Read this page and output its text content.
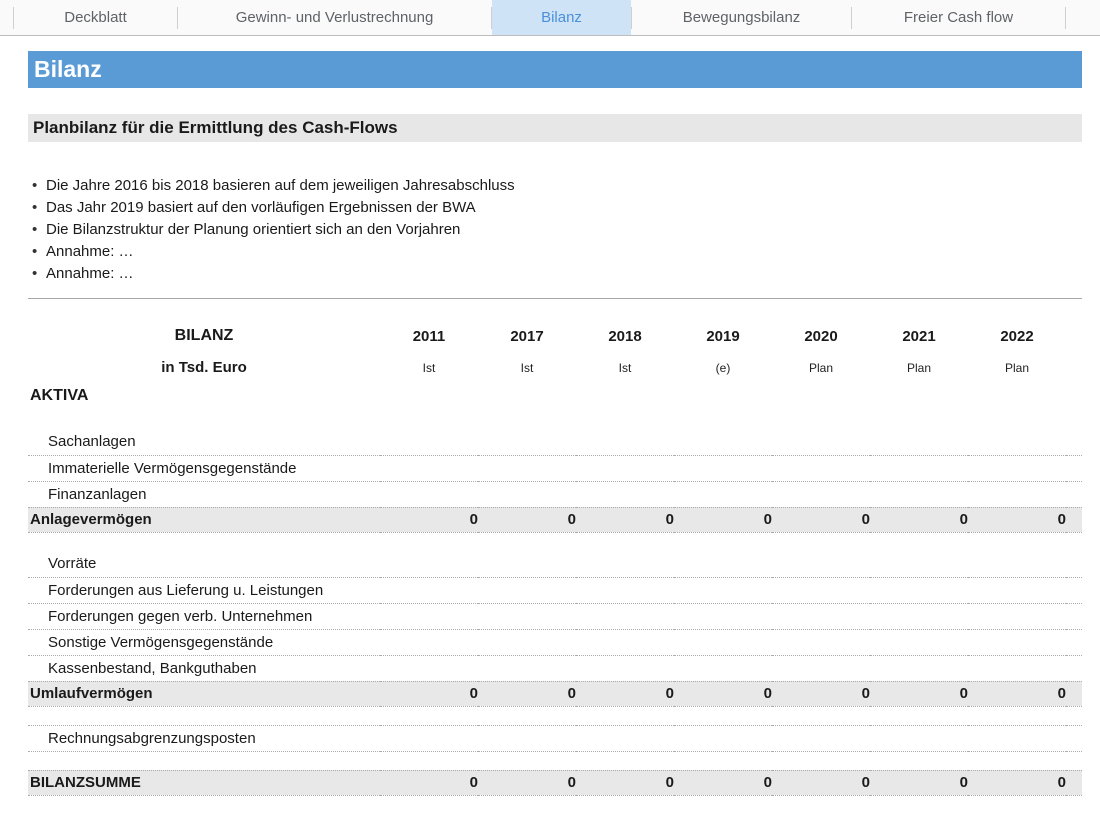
Deckblatt	Gewinn- und Verlustrechnung	Bilanz	Bewegungsbilanz	Freier Cash flow
Bilanz
Planbilanz für die Ermittlung des Cash-Flows
• Die Jahre 2016 bis 2018 basieren auf dem jeweiligen Jahresabschluss
• Das Jahr 2019 basiert auf den vorläufigen Ergebnissen der BWA
• Die Bilanzstruktur der Planung orientiert sich an den Vorjahren
• Annahme: …
• Annahme: …
BILANZ	2011	2017	2018	2019	2020	2021	2022	
in Tsd. Euro	Ist	Ist	Ist	(e)	Plan	Plan	Plan	
AKTIVA								

Sachanlagen								
Immaterielle Vermögensgegenstände								
Finanzanlagen								
Anlagevermögen	0	0	0	0	0	0	0	

Vorräte								
Forderungen aus Lieferung u. Leistungen								
Forderungen gegen verb. Unternehmen								
Sonstige Vermögensgegenstände								
Kassenbestand, Bankguthaben								
Umlaufvermögen	0	0	0	0	0	0	0	

Rechnungsabgrenzungsposten								

BILANZSUMME	0	0	0	0	0	0	0	
